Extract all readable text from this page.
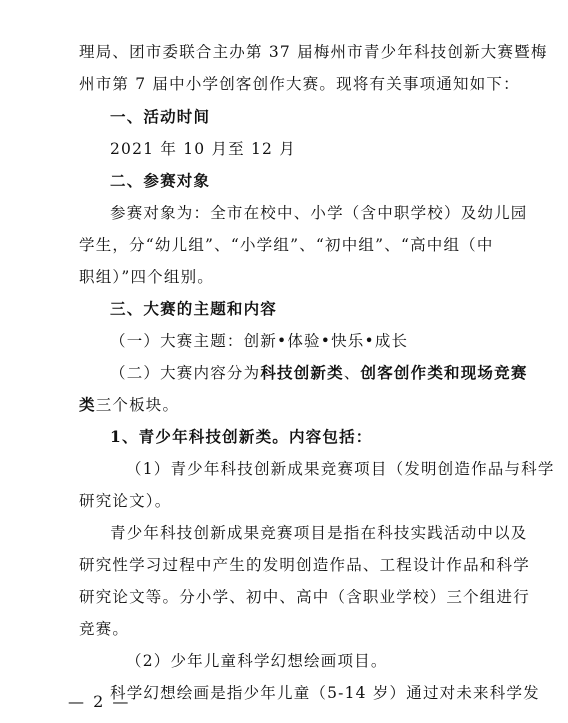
理局、团市委联合主办第 37 届梅州市青少年科技创新大赛暨梅
州市第 7 届中小学创客创作大赛。现将有关事项通知如下：
一、活动时间
2021 年 10 月至 12 月
二、参赛对象
参赛对象为：全市在校中、小学（含中职学校）及幼儿园
学生，分“幼儿组”、“小学组”、“初中组”、“高中组（中
职组）”四个组别。
三、大赛的主题和内容
（一）大赛主题：创新•体验•快乐•成长
（二）大赛内容分为科技创新类、创客创作类和现场竞赛
类三个板块。
1、青少年科技创新类。内容包括：
（1）青少年科技创新成果竞赛项目（发明创造作品与科学
研究论文）。
青少年科技创新成果竞赛项目是指在科技实践活动中以及
研究性学习过程中产生的发明创造作品、工程设计作品和科学
研究论文等。分小学、初中、高中（含职业学校）三个组进行
竞赛。
（2）少年儿童科学幻想绘画项目。
科学幻想绘画是指少年儿童（5-14 岁）通过对未来科学发
— 2 —
